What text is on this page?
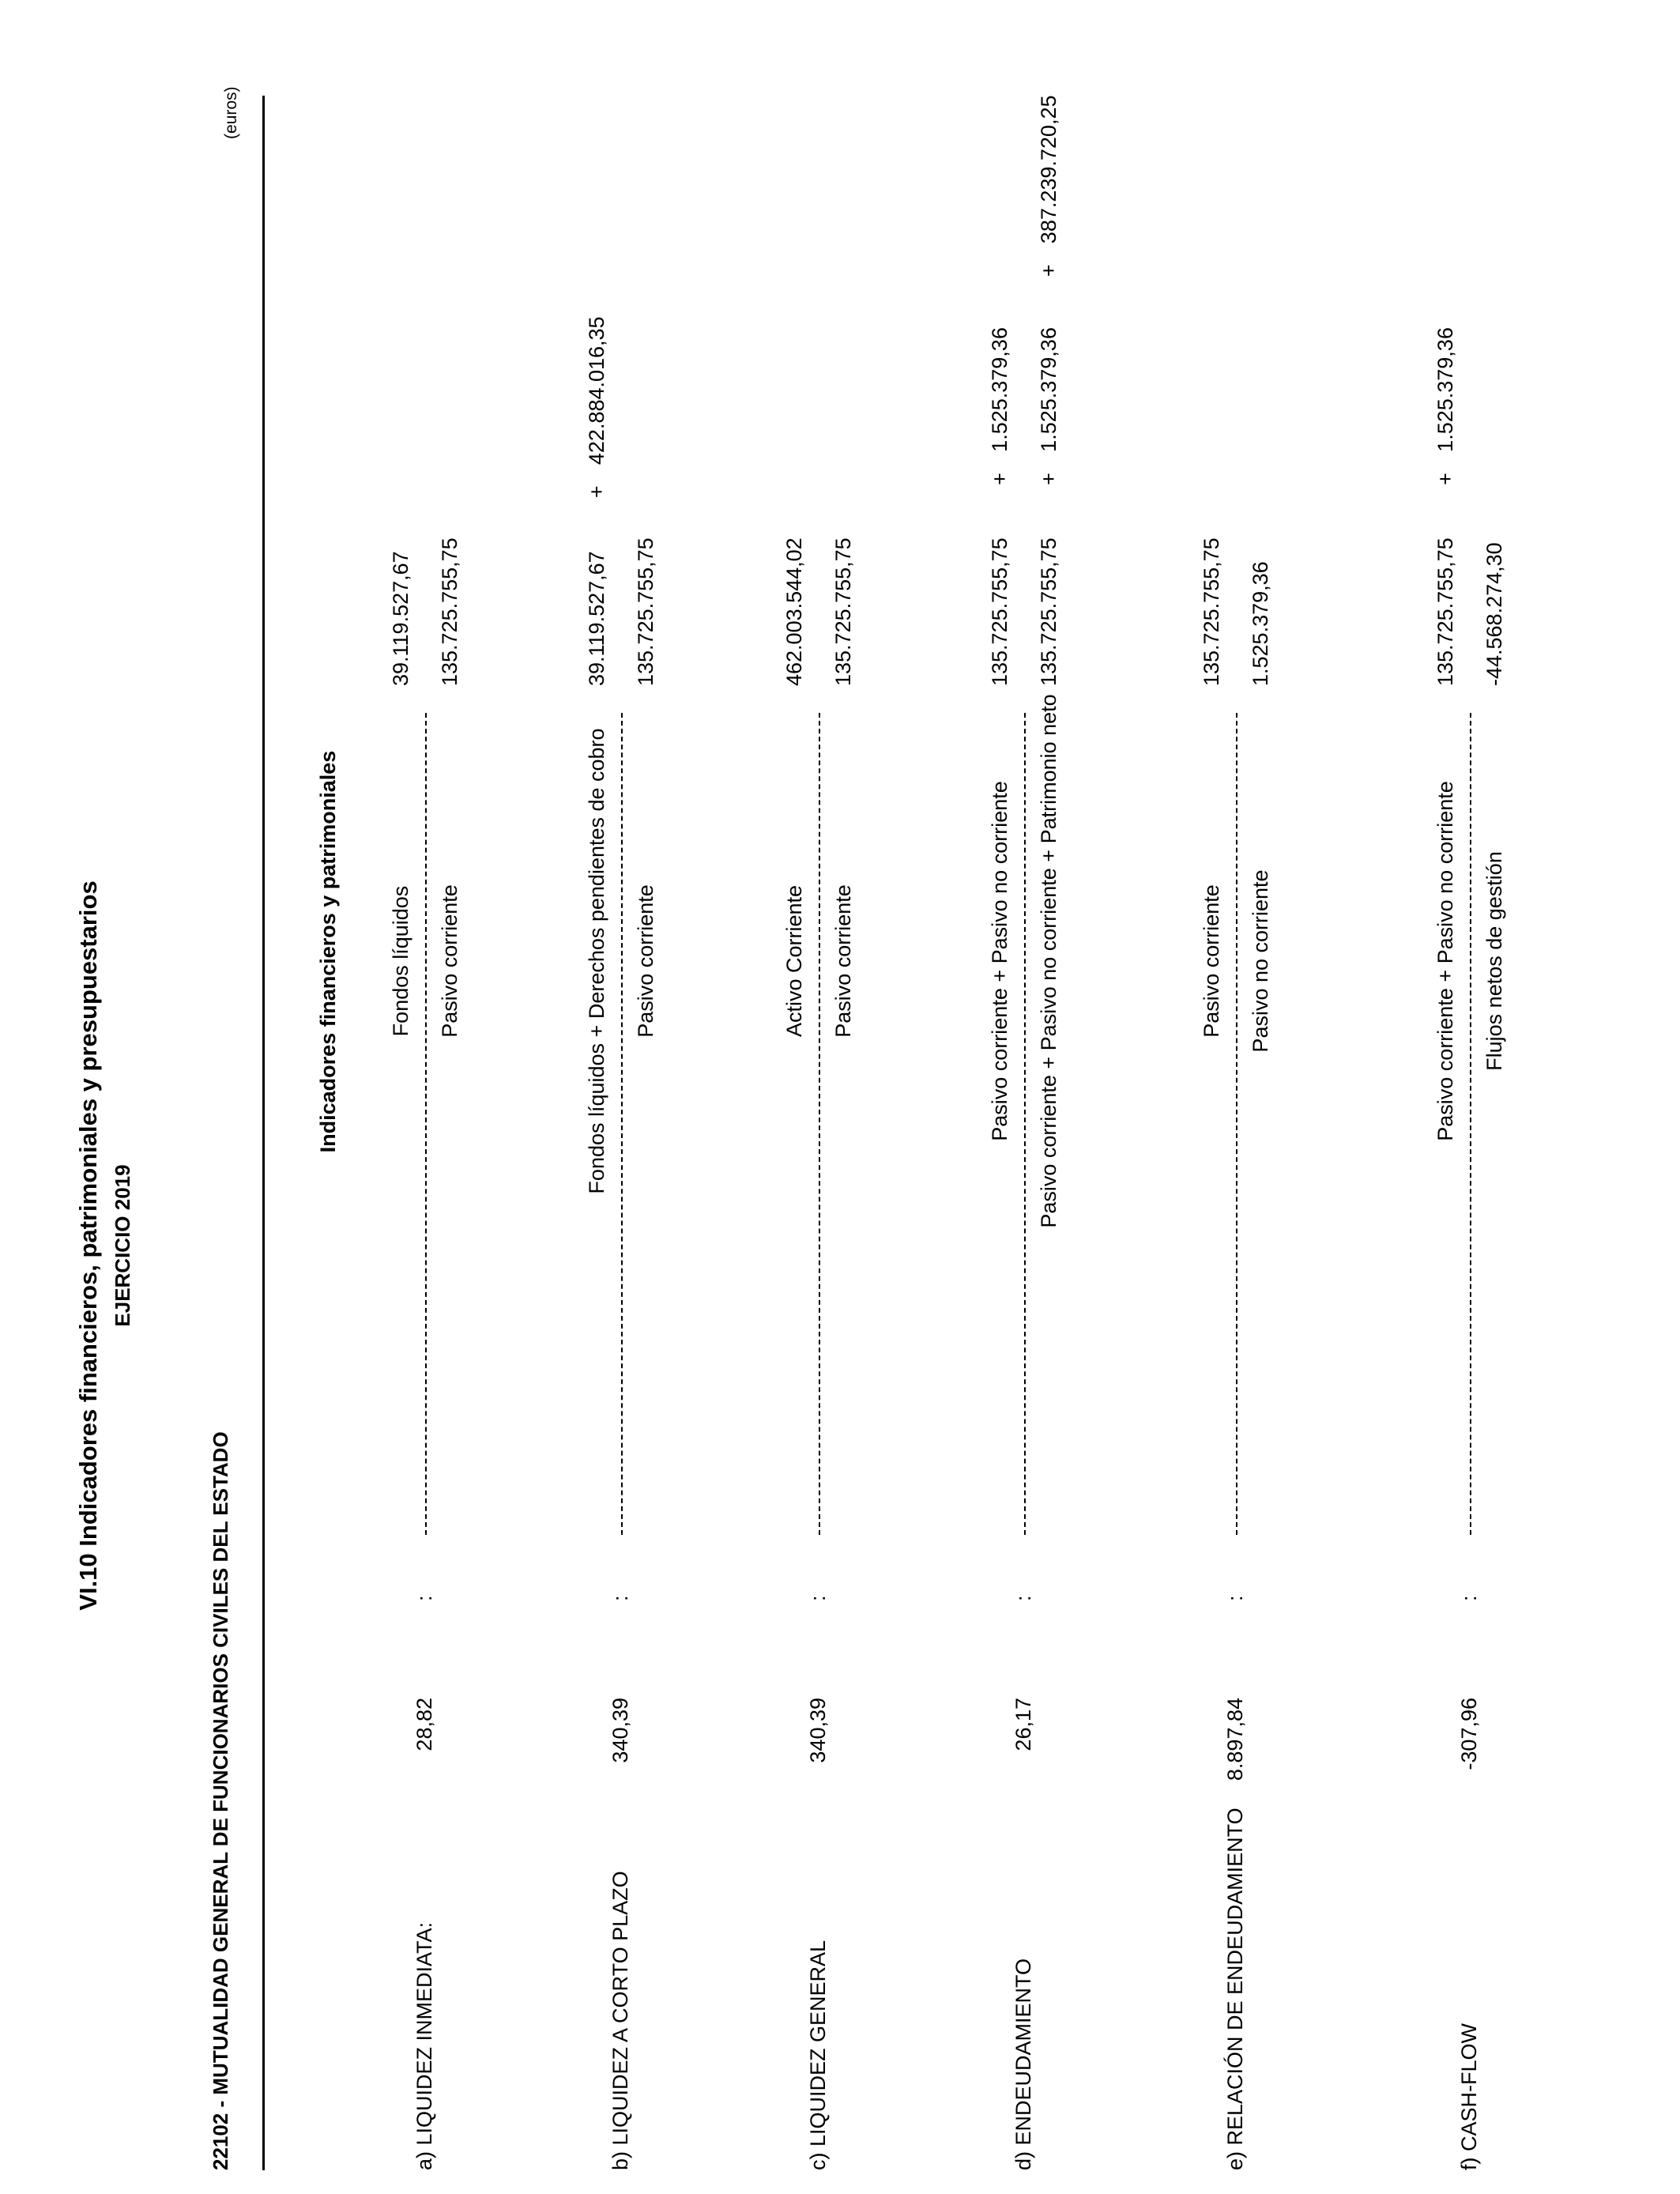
VI.10 Indicadores financieros, patrimoniales y presupuestarios EJERCICIO 2019
22102 - MUTUALIDAD GENERAL DE FUNCIONARIOS CIVILES DEL ESTADO
(euros)
Indicadores financieros y patrimoniales
a) LIQUIDEZ INMEDIATA:
28,82
:
Fondos líquidos Pasivo corriente
39.119.527,67 135.725.755,75
b) LIQUIDEZ A CORTO PLAZO
340,39
:
Fondos líquidos + Derechos pendientes de cobro Pasivo corriente
39.119.527,67
+
422.884.016,35
135.725.755,75
c) LIQUIDEZ GENERAL
340,39
:
Activo Corriente Pasivo corriente
462.003.544,02 135.725.755,75
d) ENDEUDAMIENTO
26,17
:
Pasivo corriente + Pasivo no corriente Pasivo corriente + Pasivo no corriente + Patrimonio neto
135.725.755,75
+
1.525.379,36
135.725.755,75
+
1.525.379,36
+
387.239.720,25
e) RELACIÓN DE ENDEUDAMIENTO
8.897,84
:
Pasivo corriente Pasivo no corriente
135.725.755,75 1.525.379,36
f) CASH-FLOW
-307,96
:
Pasivo corriente + Pasivo no corriente Flujos netos de gestión
135.725.755,75
+
1.525.379,36
-44.568.274,30
